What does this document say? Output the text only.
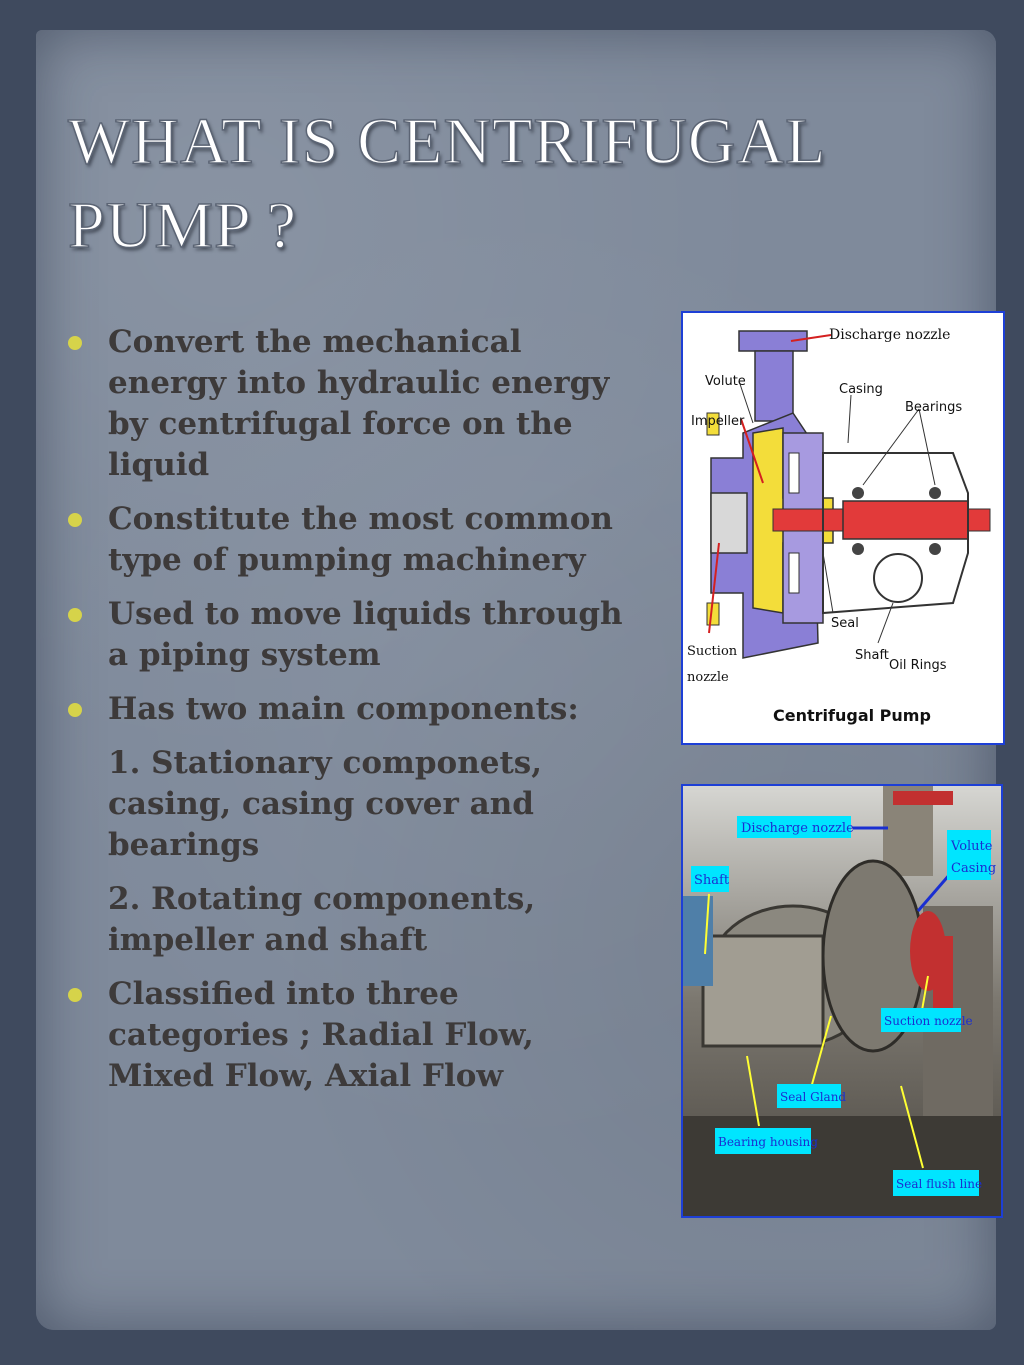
WHAT IS CENTRIFUGAL PUMP ?
Convert the mechanical energy into hydraulic energy by centrifugal force on the liquid
Constitute the most common type of pumping machinery
Used to move liquids through a piping system
Has two main components:
1. Stationary componets, casing, casing cover and bearings
2. Rotating components, impeller and shaft
Classified into three categories ; Radial Flow, Mixed Flow, Axial Flow
Discharge nozzle
Volute
Casing
Bearings
Impeller
Seal
Suction
nozzle
Shaft
Oil Rings
Centrifugal Pump
Discharge nozzle
Volute
Casing
Shaft
Suction nozzle
Seal Gland
Bearing housing
Seal flush line
